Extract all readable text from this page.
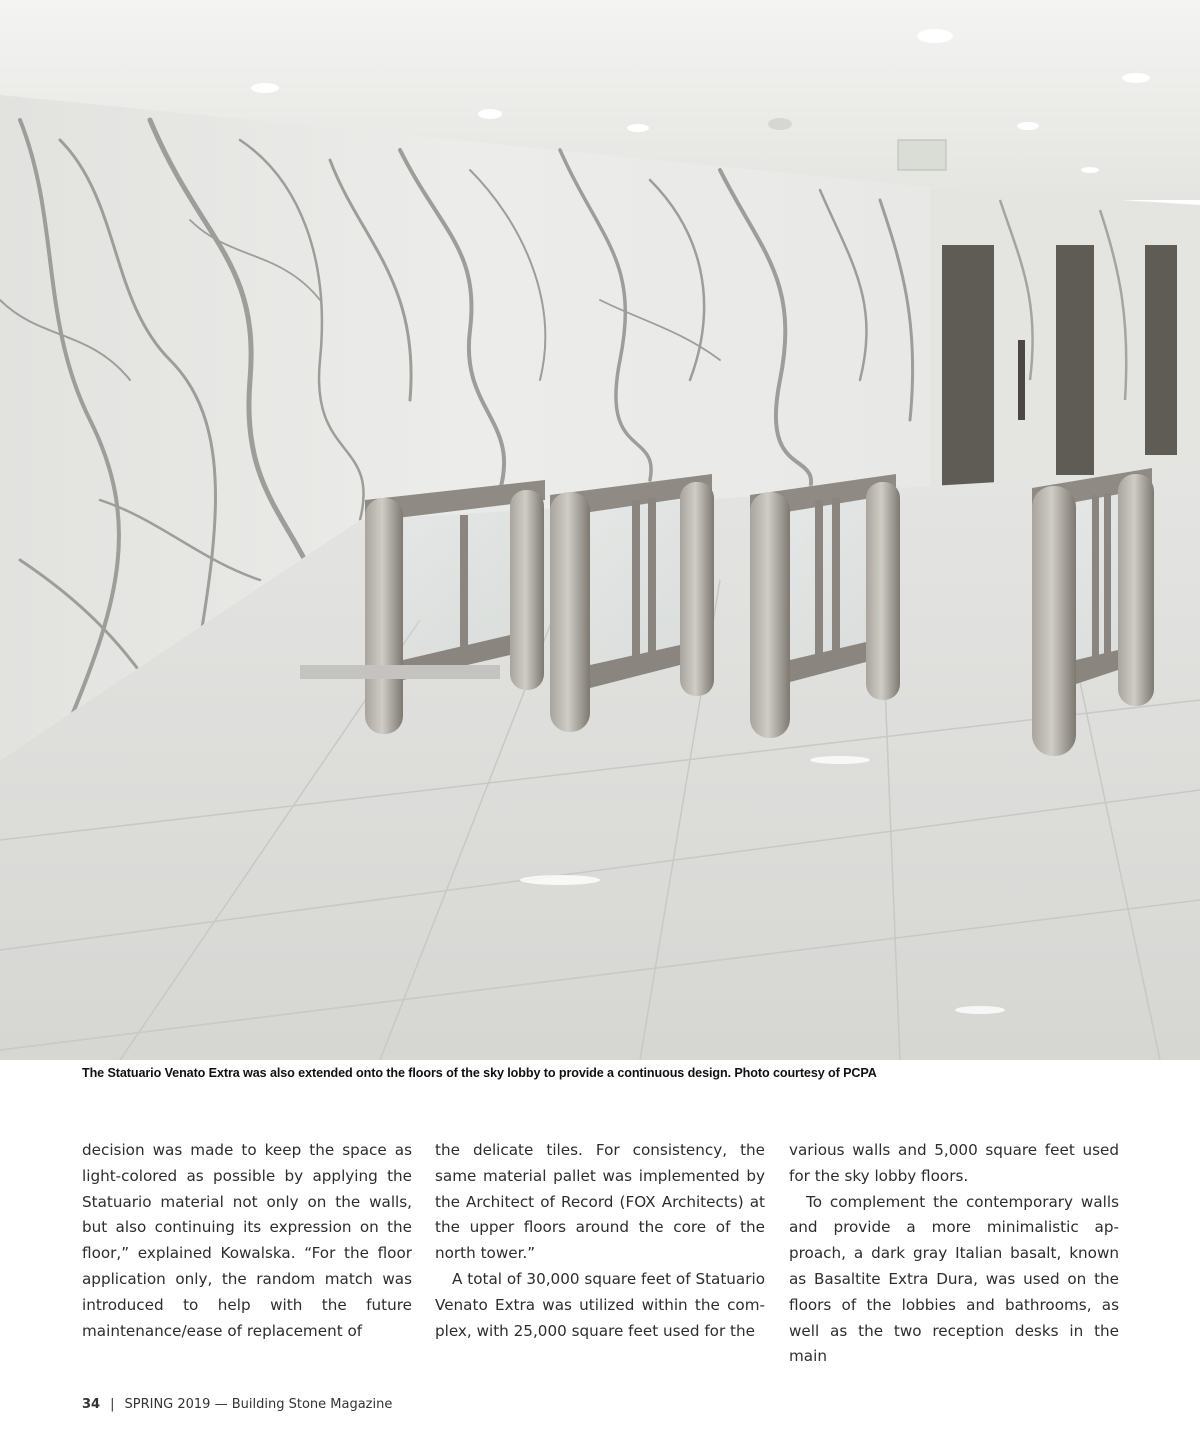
The Statuario Venato Extra was also extended onto the floors of the sky lobby to provide a continuous design. Photo courtesy of PCPA

decision was made to keep the space as light-colored as possible by applying the Statuario material not only on the walls, but also continuing its expression on the floor,” explained Kowalska. “For the floor application only, the random match was introduced to help with the future maintenance/ease of replacement of

the delicate tiles. For consistency, the same material pallet was implemented by the Architect of Record (FOX Architects) at the upper floors around the core of the north tower.”

A total of 30,000 square feet of Statuario Venato Extra was utilized within the com-plex, with 25,000 square feet used for the

various walls and 5,000 square feet used for the sky lobby floors.

To complement the contemporary walls and provide a more minimalistic ap-proach, a dark gray Italian basalt, known as Basaltite Extra Dura, was used on the floors of the lobbies and bathrooms, as well as the two reception desks in the main

34 | SPRING 2019 — Building Stone Magazine
